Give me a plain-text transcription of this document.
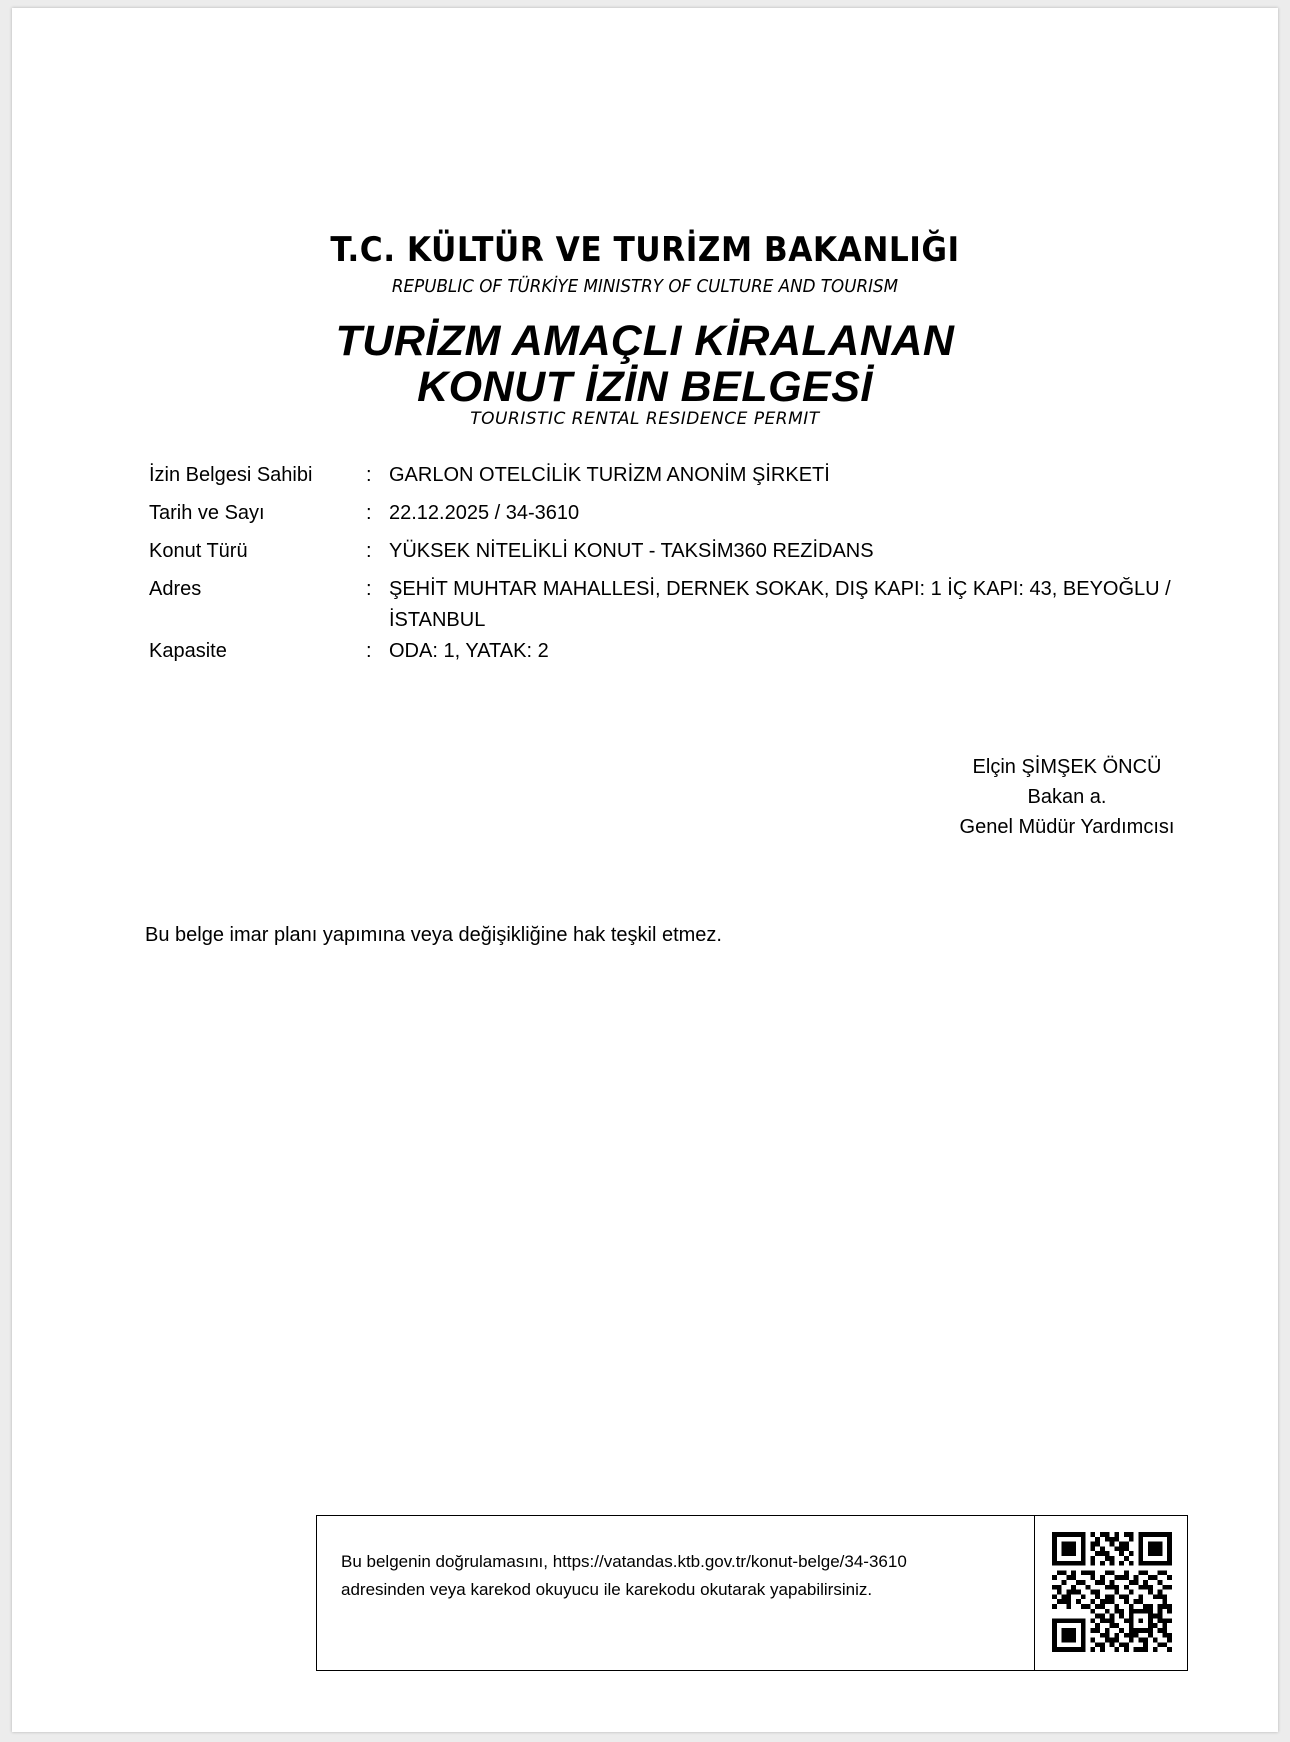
T.C. KÜLTÜR VE TURİZM BAKANLIĞI
REPUBLIC OF TÜRKİYE MINISTRY OF CULTURE AND TOURISM
TURİZM AMAÇLI KİRALANAN
KONUT İZİN BELGESİ
TOURISTIC RENTAL RESIDENCE PERMIT
İzin Belgesi Sahibi	: GARLON OTELCİLİK TURİZM ANONİM ŞİRKETİ
Tarih ve Sayı	: 22.12.2025 / 34-3610
Konut Türü	: YÜKSEK NİTELİKLİ KONUT - TAKSİM360 REZİDANS
Adres	: ŞEHİT MUHTAR MAHALLESİ, DERNEK SOKAK, DIŞ KAPI: 1 İÇ KAPI: 43, BEYOĞLU / İSTANBUL
Kapasite	: ODA: 1, YATAK: 2
Elçin ŞİMŞEK ÖNCÜ
Bakan a.
Genel Müdür Yardımcısı
Bu belge imar planı yapımına veya değişikliğine hak teşkil etmez.
Bu belgenin doğrulamasını, https://vatandas.ktb.gov.tr/konut-belge/34-3610
adresinden veya karekod okuyucu ile karekodu okutarak yapabilirsiniz.
